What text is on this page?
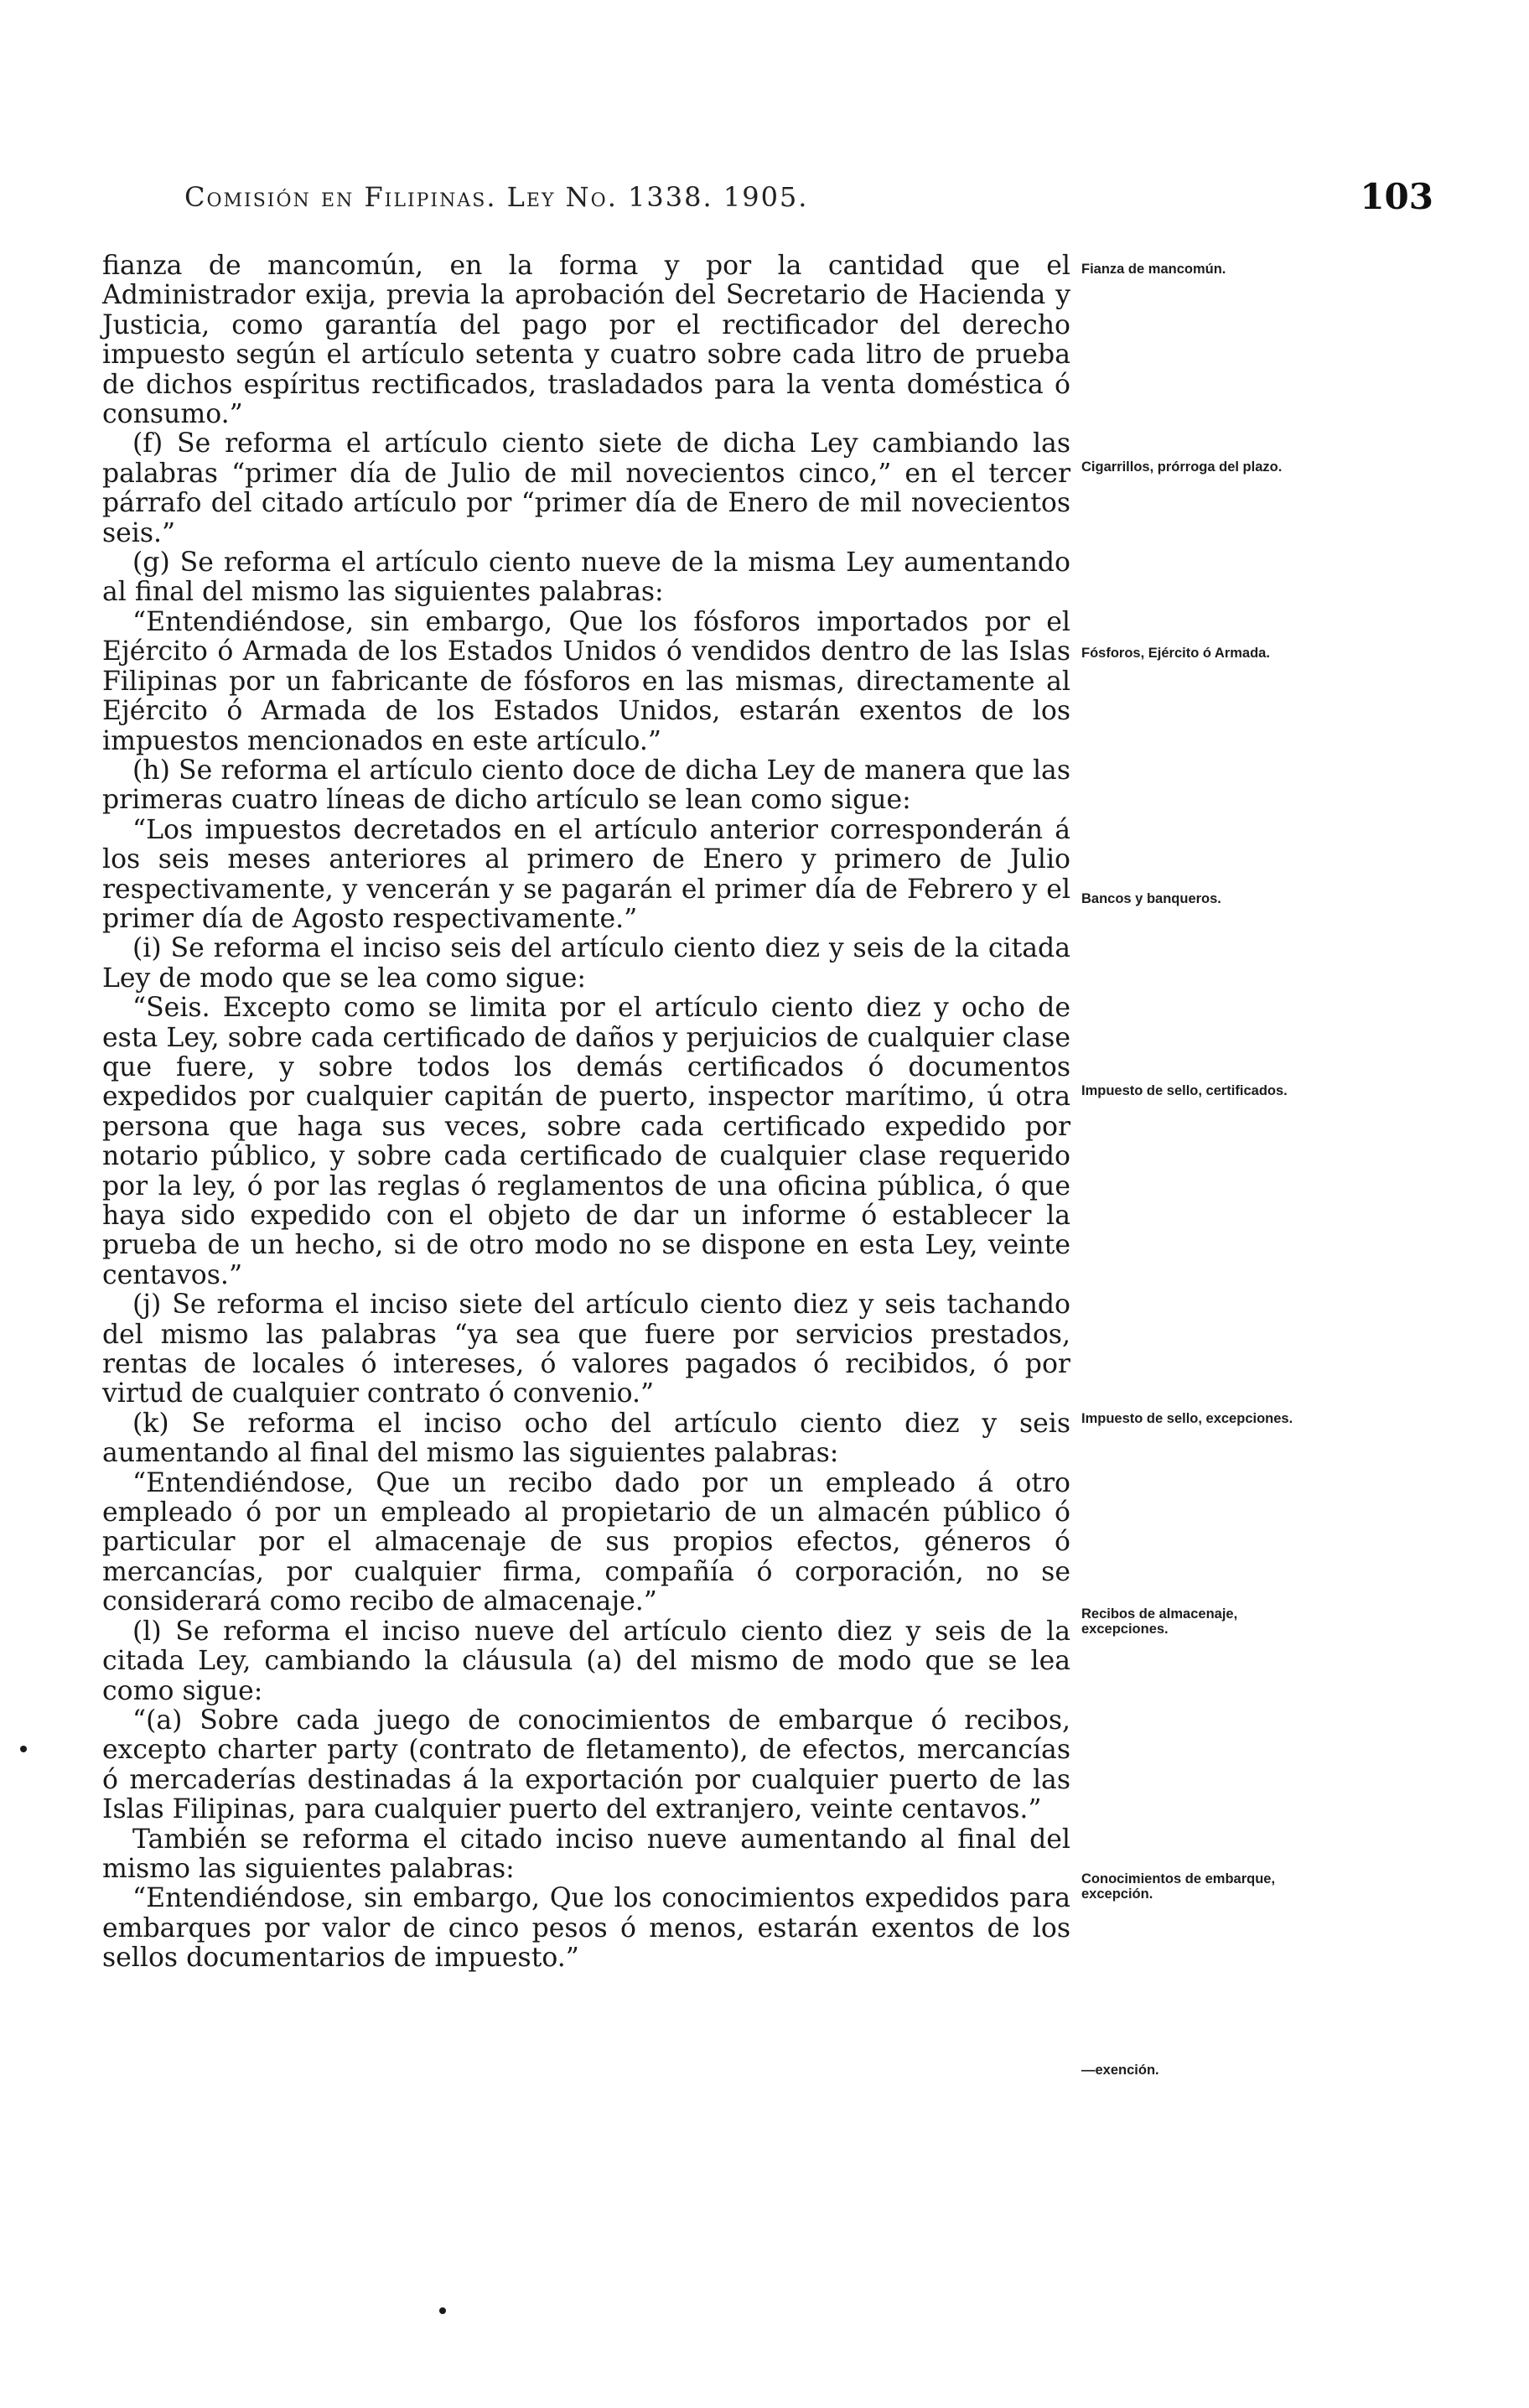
Comisión en Filipinas. Ley No. 1338. 1905.	103

fianza de mancomún, en la forma y por la cantidad que el Administrador exija, previa la aprobación del Secretario de Hacienda y Justicia, como garantía del pago por el rectificador del derecho impuesto según el artículo setenta y cuatro sobre cada litro de prueba de dichos espíritus rectificados, trasladados para la venta doméstica ó consumo.”

(f) Se reforma el artículo ciento siete de dicha Ley cambiando las palabras “primer día de Julio de mil novecientos cinco,” en el tercer párrafo del citado artículo por “primer día de Enero de mil novecientos seis.”

(g) Se reforma el artículo ciento nueve de la misma Ley aumentando al final del mismo las siguientes palabras:

“Entendiéndose, sin embargo, Que los fósforos importados por el Ejército ó Armada de los Estados Unidos ó vendidos dentro de las Islas Filipinas por un fabricante de fósforos en las mismas, directamente al Ejército ó Armada de los Estados Unidos, estarán exentos de los impuestos mencionados en este artículo.”

(h) Se reforma el artículo ciento doce de dicha Ley de manera que las primeras cuatro líneas de dicho artículo se lean como sigue:

“Los impuestos decretados en el artículo anterior corresponderán á los seis meses anteriores al primero de Enero y primero de Julio respectivamente, y vencerán y se pagarán el primer día de Febrero y el primer día de Agosto respectivamente.”

(i) Se reforma el inciso seis del artículo ciento diez y seis de la citada Ley de modo que se lea como sigue:

“Seis. Excepto como se limita por el artículo ciento diez y ocho de esta Ley, sobre cada certificado de daños y perjuicios de cualquier clase que fuere, y sobre todos los demás certificados ó documentos expedidos por cualquier capitán de puerto, inspector marítimo, ú otra persona que haga sus veces, sobre cada certificado expedido por notario público, y sobre cada certificado de cualquier clase requerido por la ley, ó por las reglas ó reglamentos de una oficina pública, ó que haya sido expedido con el objeto de dar un informe ó establecer la prueba de un hecho, si de otro modo no se dispone en esta Ley, veinte centavos.”

(j) Se reforma el inciso siete del artículo ciento diez y seis tachando del mismo las palabras “ya sea que fuere por servicios prestados, rentas de locales ó intereses, ó valores pagados ó recibidos, ó por virtud de cualquier contrato ó convenio.”

(k) Se reforma el inciso ocho del artículo ciento diez y seis aumentando al final del mismo las siguientes palabras:

“Entendiéndose, Que un recibo dado por un empleado á otro empleado ó por un empleado al propietario de un almacén público ó particular por el almacenaje de sus propios efectos, géneros ó mercancías, por cualquier firma, compañía ó corporación, no se considerará como recibo de almacenaje.”

(l) Se reforma el inciso nueve del artículo ciento diez y seis de la citada Ley, cambiando la cláusula (a) del mismo de modo que se lea como sigue:

“(a) Sobre cada juego de conocimientos de embarque ó recibos, excepto charter party (contrato de fletamento), de efectos, mercancías ó mercaderías destinadas á la exportación por cualquier puerto de las Islas Filipinas, para cualquier puerto del extranjero, veinte centavos.”

También se reforma el citado inciso nueve aumentando al final del mismo las siguientes palabras:

“Entendiéndose, sin embargo, Que los conocimientos expedidos para embarques por valor de cinco pesos ó menos, estarán exentos de los sellos documentarios de impuesto.”

Fianza de mancomún.
Cigarrillos, prórroga del plazo.
Fósforos, Ejército ó Armada.
Bancos y banqueros.
Impuesto de sello, certificados.
Impuesto de sello, excepciones.
Recibos de almacenaje, excepciones.
Conocimientos de embarque, excepción.
—exención.
